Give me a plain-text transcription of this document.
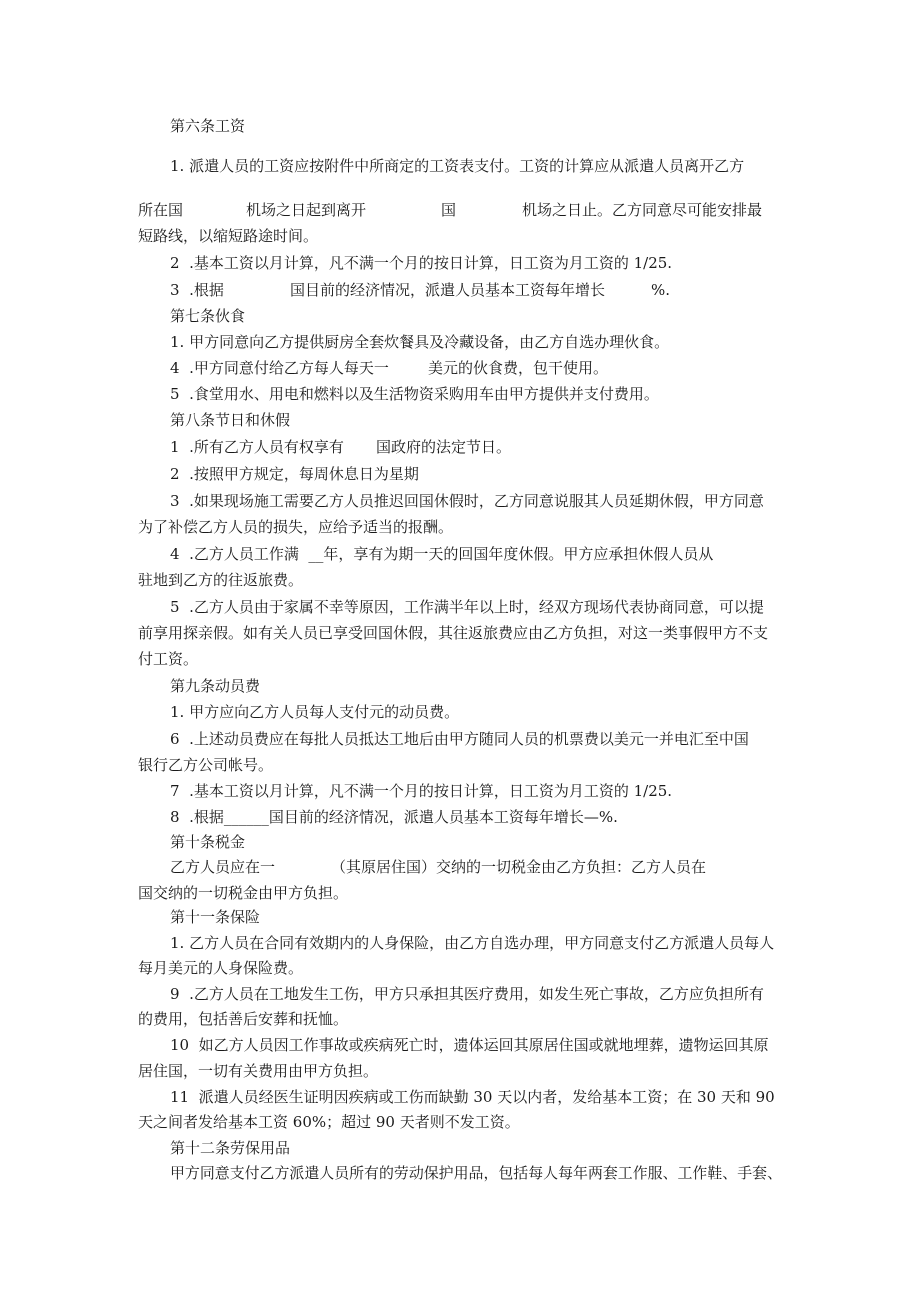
第六条工资
1. 派遣人员的工资应按附件中所商定的工资表支付。工资的计算应从派遣人员离开乙方
所在国	机场之日起到离开	国	机场之日止。乙方同意尽可能安排最
短路线，以缩短路途时间。
2  .基本工资以月计算，凡不满一个月的按日计算，日工资为月工资的 1/25.
3  .根据	国目前的经济情况，派遣人员基本工资每年增长	%.
第七条伙食
1. 甲方同意向乙方提供厨房全套炊餐具及冷藏设备，由乙方自选办理伙食。
4  .甲方同意付给乙方每人每天一	美元的伙食费，包干使用。
5  .食堂用水、用电和燃料以及生活物资采购用车由甲方提供并支付费用。
第八条节日和休假
1  .所有乙方人员有权享有 国政府的法定节日。
2  .按照甲方规定，每周休息日为星期
3  .如果现场施工需要乙方人员推迟回国休假时，乙方同意说服其人员延期休假，甲方同意
为了补偿乙方人员的损失，应给予适当的报酬。
4  .乙方人员工作满  __年，享有为期一天的回国年度休假。甲方应承担休假人员从
驻地到乙方的往返旅费。
5  .乙方人员由于家属不幸等原因，工作满半年以上时，经双方现场代表协商同意，可以提
前享用探亲假。如有关人员已享受回国休假，其往返旅费应由乙方负担，对这一类事假甲方不支
付工资。
第九条动员费
1. 甲方应向乙方人员每人支付元的动员费。
6  .上述动员费应在每批人员抵达工地后由甲方随同人员的机票费以美元一并电汇至中国
银行乙方公司帐号。
7  .基本工资以月计算，凡不满一个月的按日计算，日工资为月工资的 1/25.
8  .根据______国目前的经济情况，派遣人员基本工资每年增长—%.
第十条税金
乙方人员应在一	（其原居住国）交纳的一切税金由乙方负担：乙方人员在
国交纳的一切税金由甲方负担。
第十一条保险
1. 乙方人员在合同有效期内的人身保险，由乙方自选办理，甲方同意支付乙方派遣人员每人
每月美元的人身保险费。
9  .乙方人员在工地发生工伤，甲方只承担其医疗费用，如发生死亡事故，乙方应负担所有
的费用，包括善后安葬和抚恤。
10  如乙方人员因工作事故或疾病死亡时，遗体运回其原居住国或就地埋葬，遗物运回其原
居住国，一切有关费用由甲方负担。
11  派遣人员经医生证明因疾病或工伤而缺勤 30 天以内者，发给基本工资；在 30 天和 90
天之间者发给基本工资 60%；超过 90 天者则不发工资。
第十二条劳保用品
甲方同意支付乙方派遣人员所有的劳动保护用品，包括每人每年两套工作服、工作鞋、手套、
